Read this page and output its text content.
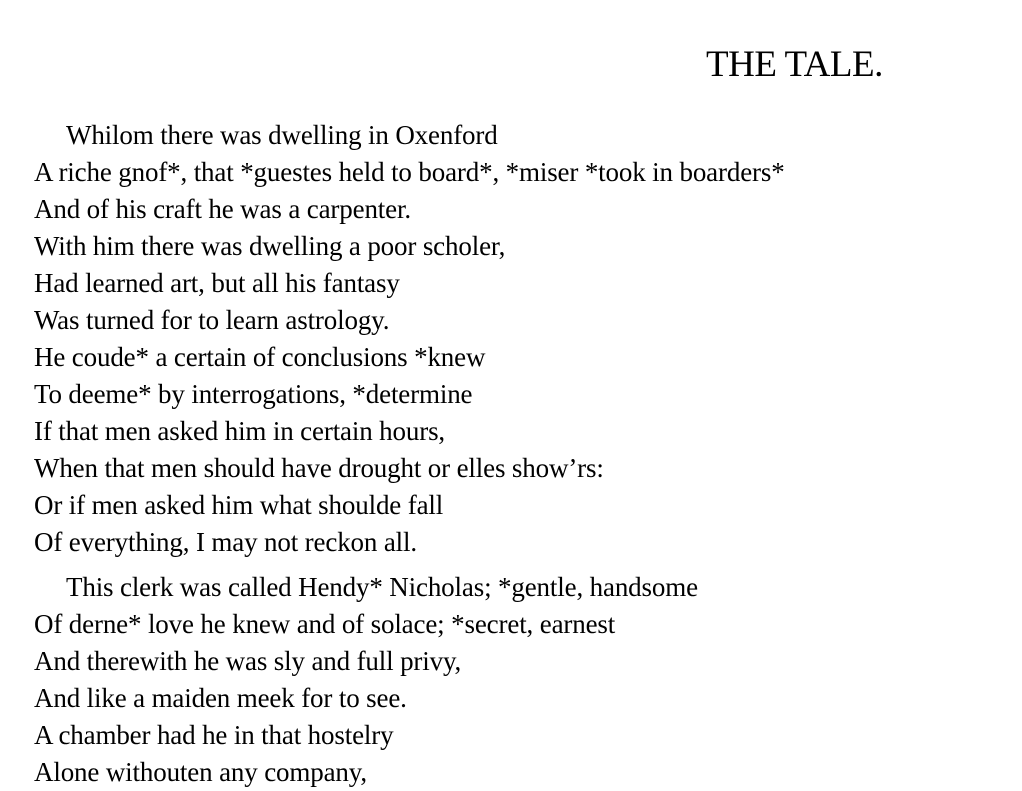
THE TALE.
Whilom there was dwelling in Oxenford
A riche gnof*, that *guestes held to board*, *miser *took in boarders*
And of his craft he was a carpenter.
With him there was dwelling a poor scholer,
Had learned art, but all his fantasy
Was turned for to learn astrology.
He coude* a certain of conclusions *knew
To deeme* by interrogations, *determine
If that men asked him in certain hours,
When that men should have drought or elles show’rs:
Or if men asked him what shoulde fall
Of everything, I may not reckon all.
This clerk was called Hendy* Nicholas; *gentle, handsome
Of derne* love he knew and of solace; *secret, earnest
And therewith he was sly and full privy,
And like a maiden meek for to see.
A chamber had he in that hostelry
Alone withouten any company,
